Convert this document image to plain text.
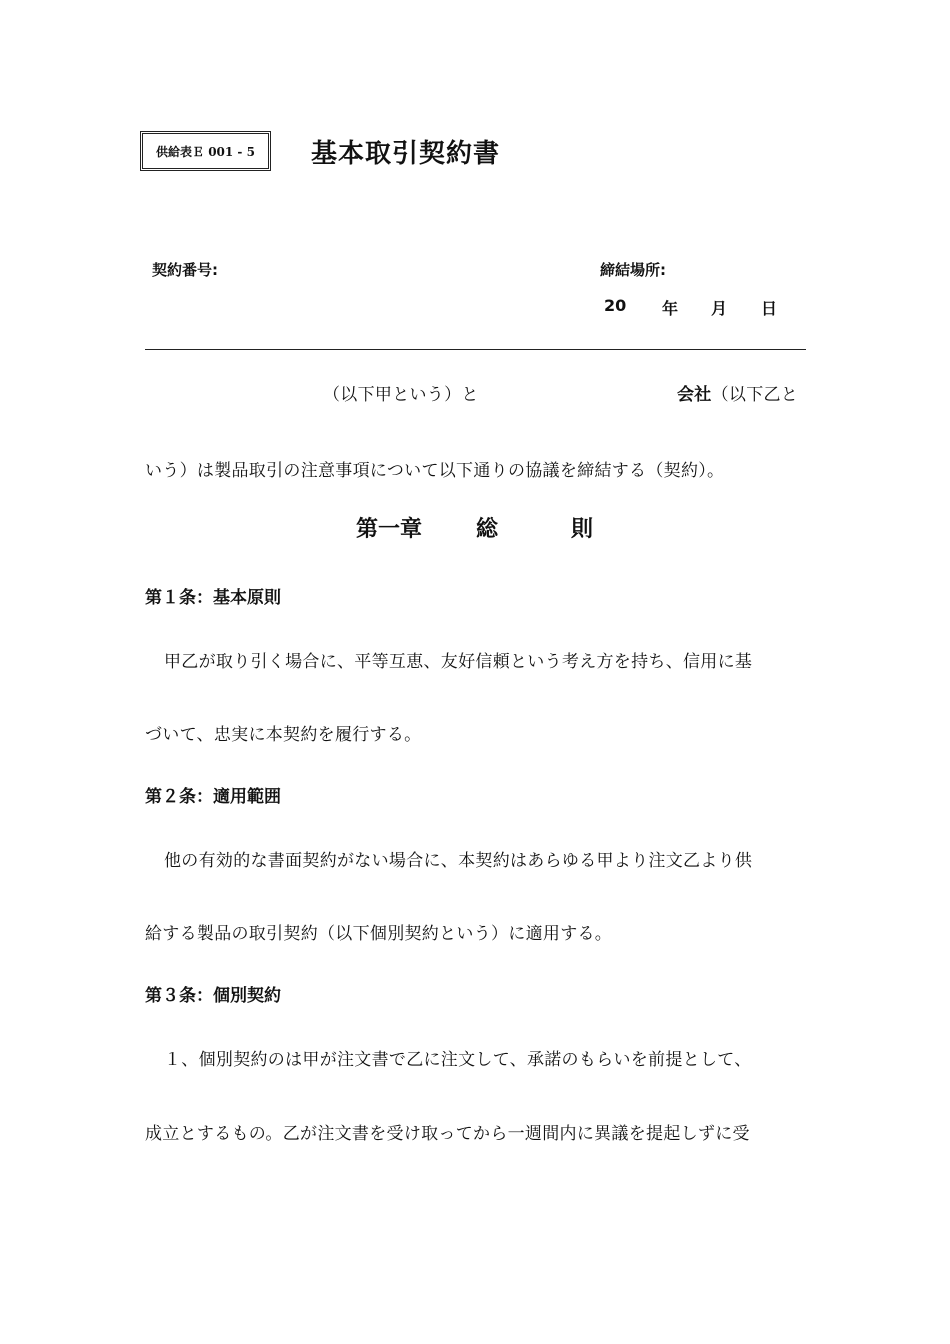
供給表Ｅ 001 - 5 基本取引契約書
契約番号:	締結場所:
20 年 月 日
（以下甲という）と	会社（以下乙と
いう）は製品取引の注意事項について以下通りの協議を締結する（契約）。
第一章 総	則
第１条：基本原則
甲乙が取り引く場合に、平等互恵、友好信頼という考え方を持ち、信用に基
づいて、忠実に本契約を履行する。
第２条：適用範囲
他の有効的な書面契約がない場合に、本契約はあらゆる甲より注文乙より供
給する製品の取引契約（以下個別契約という）に適用する。
第３条：個別契約
１、個別契約のは甲が注文書で乙に注文して、承諾のもらいを前提として、
成立とするもの。乙が注文書を受け取ってから一週間内に異議を提起しずに受
